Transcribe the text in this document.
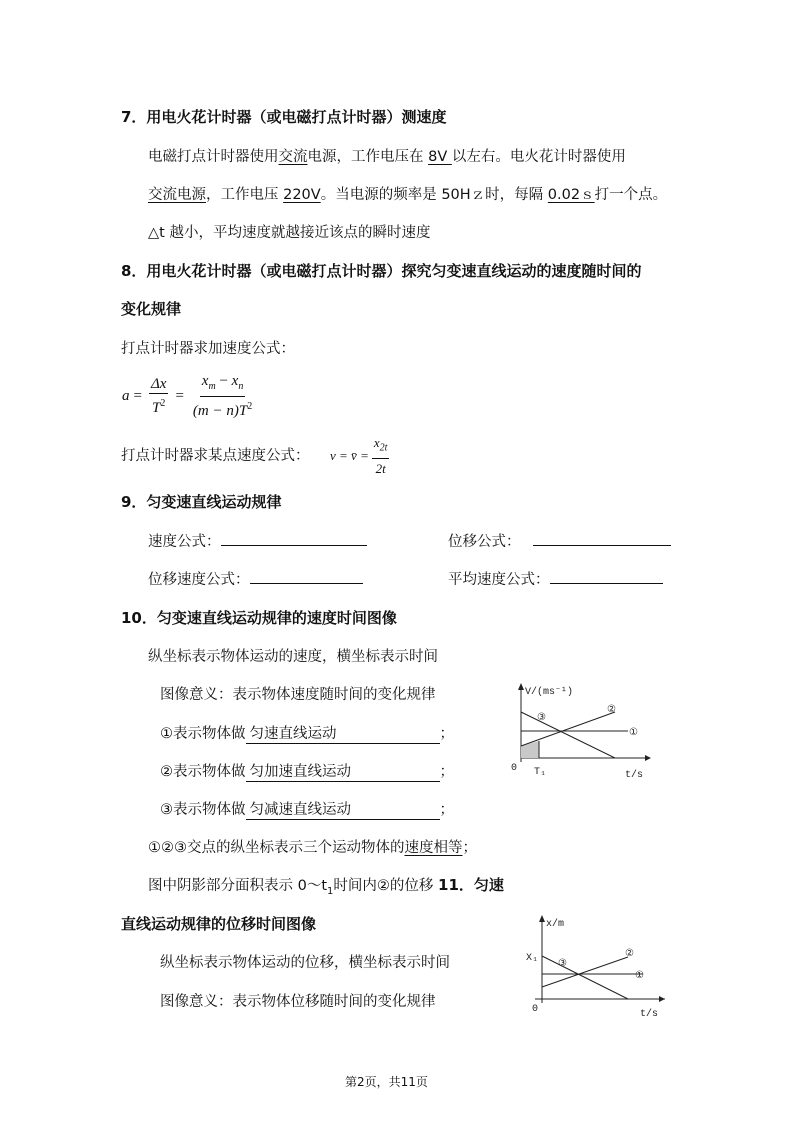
7．用电火花计时器（或电磁打点计时器）测速度
电磁打点计时器使用交流电源，工作电压在 8V 以左右。电火花计时器使用
交流电源，工作电压 220V。当电源的频率是 50Hｚ时，每隔 0.02ｓ打一个点。
△t 越小，平均速度就越接近该点的瞬时速度
8．用电火花计时器（或电磁打点计时器）探究匀变速直线运动的速度随时间的
变化规律
打点计时器求加速度公式：
$a = \frac{\Delta x}{T^2} = \frac{x_m - x_n}{(m - n)T^2}$
打点计时器求某点速度公式： v = v̄ = $\frac{x_{2t}}{2t}$
9．匀变速直线运动规律
速度公式：	位移公式：
位移速度公式：	平均速度公式：
10．匀变速直线运动规律的速度时间图像
纵坐标表示物体运动的速度，横坐标表示时间
图像意义：表示物体速度随时间的变化规律
①表示物体做 匀速直线运动	；
②表示物体做 匀加速直线运动	；
③表示物体做 匀减速直线运动	；
V/(ms⁻¹)
t/s
0 T₁
①
②
③
①②③交点的纵坐标表示三个运动物体的速度相等；
图中阴影部分面积表示 $0\sim t_1$时间内②的位移 11．匀速
直线运动规律的位移时间图像
纵坐标表示物体运动的位移，横坐标表示时间
图像意义：表示物体位移随时间的变化规律
x/m
t/s
0
X₁
①
②
③
第2页，共11页
